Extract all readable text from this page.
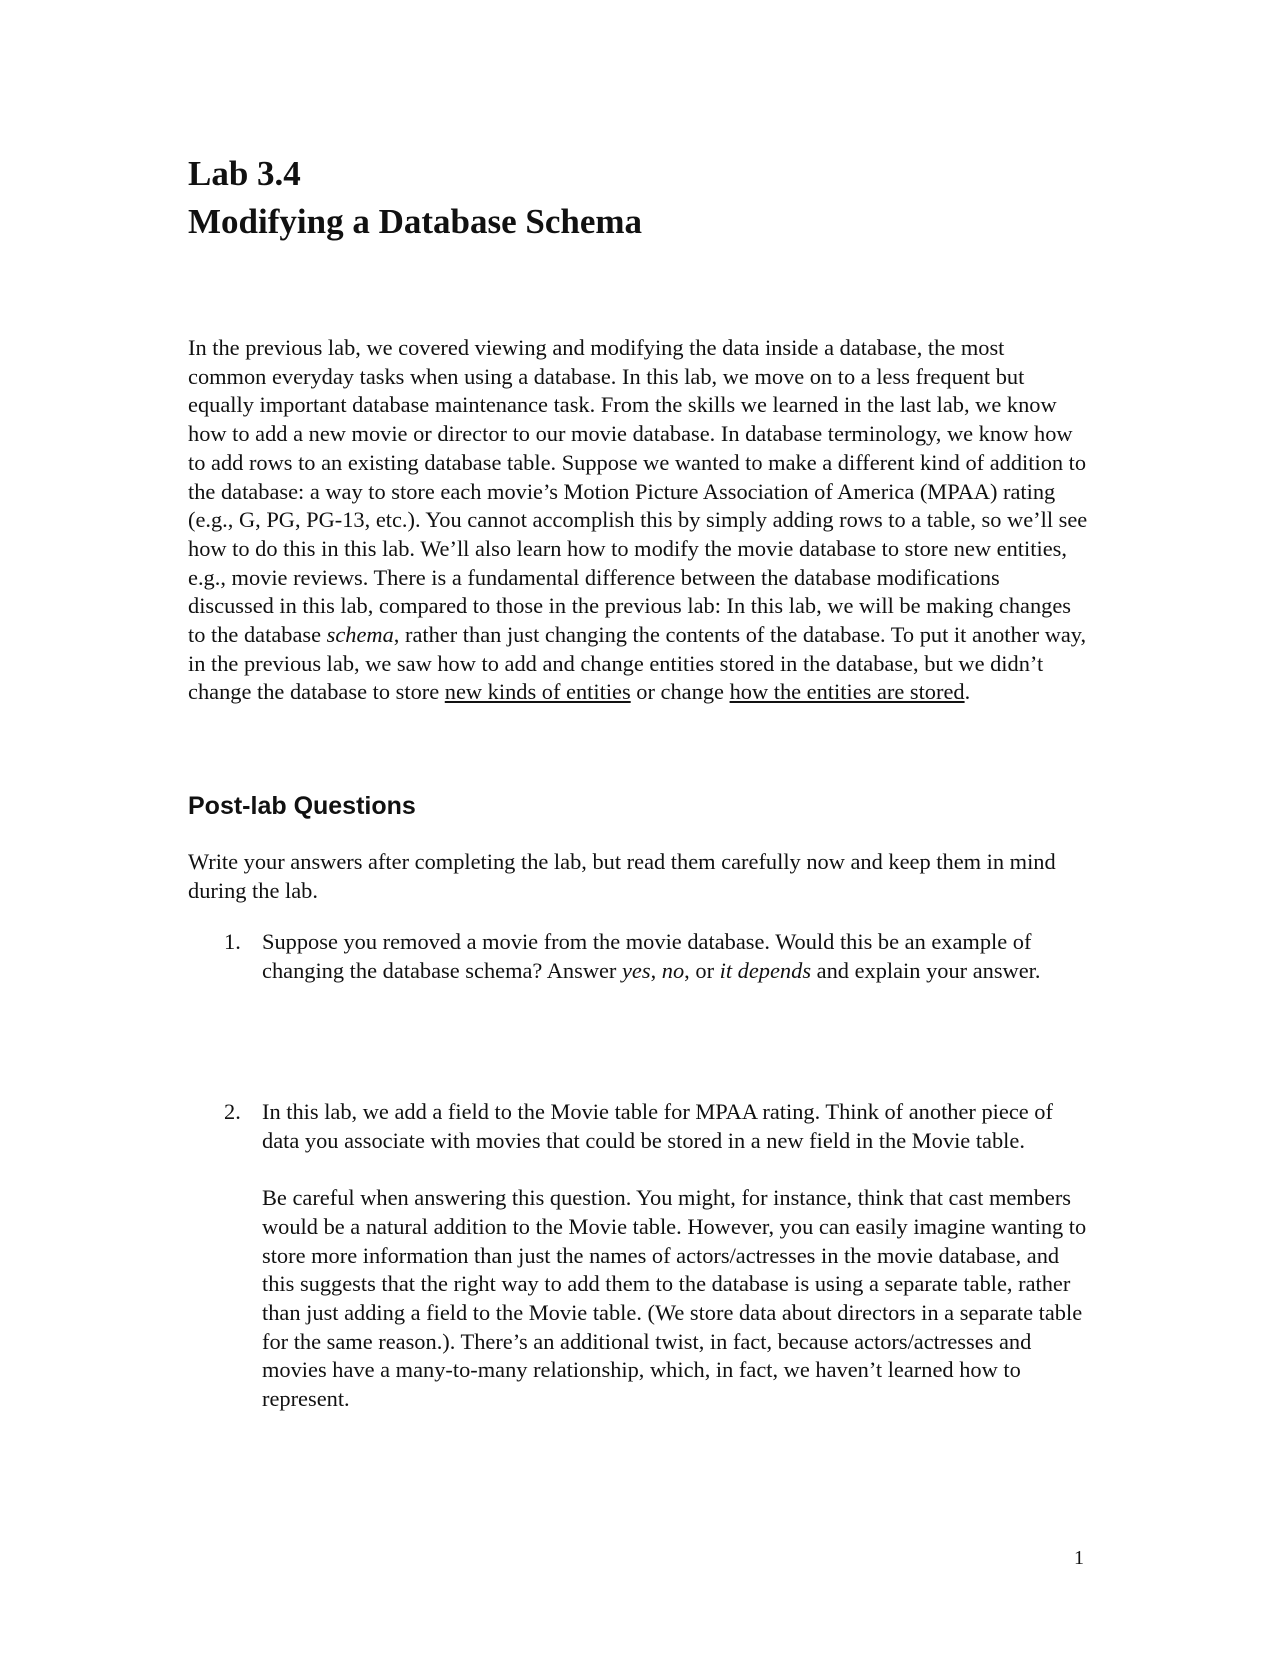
Lab 3.4
Modifying a Database Schema

In the previous lab, we covered viewing and modifying the data inside a database, the most common everyday tasks when using a database. In this lab, we move on to a less frequent but equally important database maintenance task. From the skills we learned in the last lab, we know how to add a new movie or director to our movie database. In database terminology, we know how to add rows to an existing database table. Suppose we wanted to make a different kind of addition to the database: a way to store each movie’s Motion Picture Association of America (MPAA) rating (e.g., G, PG, PG-13, etc.). You cannot accomplish this by simply adding rows to a table, so we’ll see how to do this in this lab. We’ll also learn how to modify the movie database to store new entities, e.g., movie reviews. There is a fundamental difference between the database modifications discussed in this lab, compared to those in the previous lab: In this lab, we will be making changes to the database schema, rather than just changing the contents of the database. To put it another way, in the previous lab, we saw how to add and change entities stored in the database, but we didn’t change the database to store new kinds of entities or change how the entities are stored.

Post-lab Questions

Write your answers after completing the lab, but read them carefully now and keep them in mind during the lab.

1. Suppose you removed a movie from the movie database. Would this be an example of changing the database schema? Answer yes, no, or it depends and explain your answer.

2. In this lab, we add a field to the Movie table for MPAA rating. Think of another piece of data you associate with movies that could be stored in a new field in the Movie table.

Be careful when answering this question. You might, for instance, think that cast members would be a natural addition to the Movie table. However, you can easily imagine wanting to store more information than just the names of actors/actresses in the movie database, and this suggests that the right way to add them to the database is using a separate table, rather than just adding a field to the Movie table. (We store data about directors in a separate table for the same reason.). There’s an additional twist, in fact, because actors/actresses and movies have a many-to-many relationship, which, in fact, we haven’t learned how to represent.

1
